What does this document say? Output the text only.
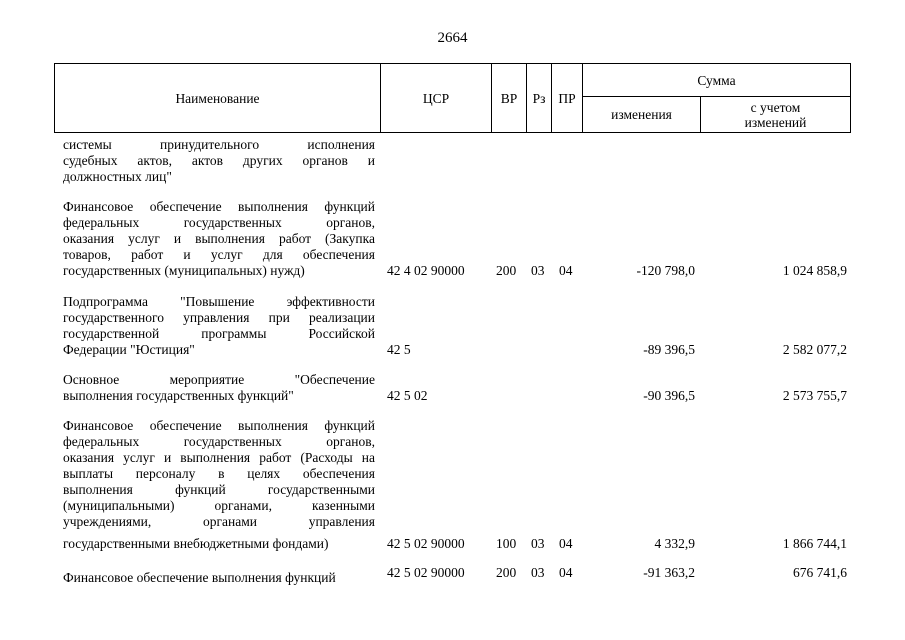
2664
Наименование	ЦСР	ВР Рз ПР
Сумма
изменения	с учетом
изменений
системы принудительного исполнения
судебных актов, актов других органов и
должностных лиц"
Финансовое обеспечение выполнения функций
федеральных государственных органов,
оказания услуг и выполнения работ (Закупка
товаров, работ и услуг для обеспечения
государственных (муниципальных) нужд)	42 4 02 90000 200 03 04	-120 798,0	1 024 858,9
Подпрограмма "Повышение эффективности
государственного управления при реализации
государственной программы Российской
Федерации "Юстиция"	42 5	-89 396,5	2 582 077,2
Основное мероприятие "Обеспечение
выполнения государственных функций"	42 5 02	-90 396,5	2 573 755,7
Финансовое обеспечение выполнения функций
федеральных государственных органов,
оказания услуг и выполнения работ (Расходы на
выплаты персоналу в целях обеспечения
выполнения функций государственными
(муниципальными) органами, казенными
учреждениями, органами управления
государственными внебюджетными фондами)	42 5 02 90000 100 03 04	4 332,9	1 866 744,1
Финансовое обеспечение выполнения функций	42 5 02 90000 200 03 04	-91 363,2	676 741,6
